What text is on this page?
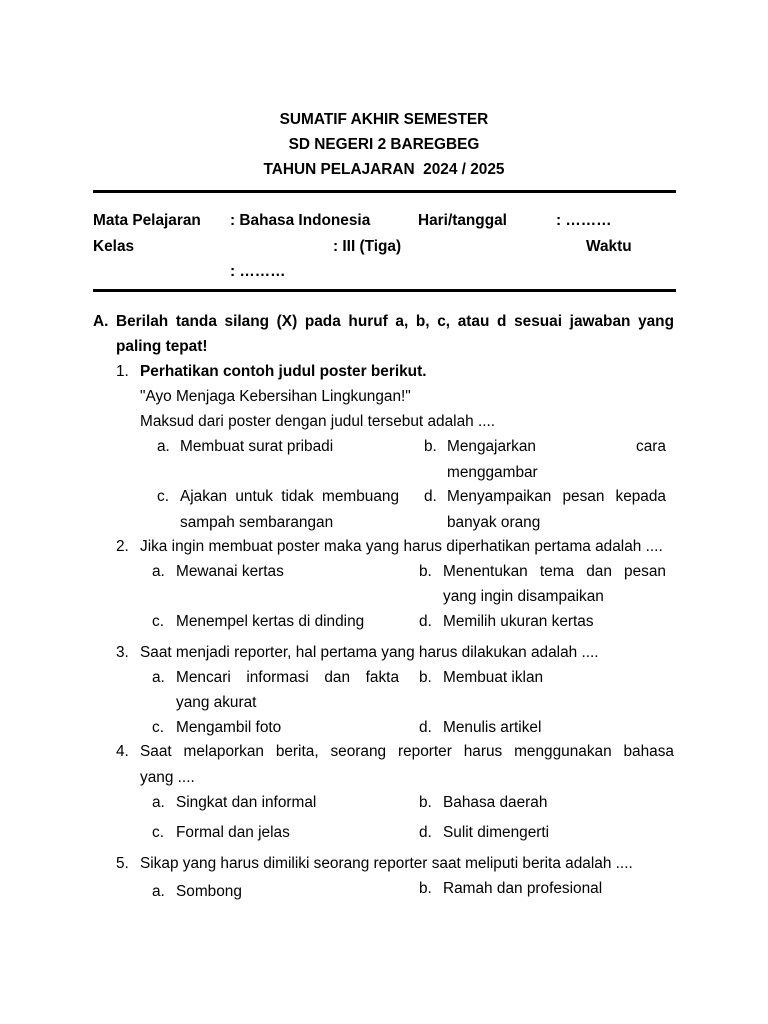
SUMATIF AKHIR SEMESTER
SD NEGERI 2 BAREGBEG
TAHUN PELAJARAN  2024 / 2025
Mata Pelajaran : Bahasa Indonesia	Hari/tanggal	: ………
Kelas	: III (Tiga)	Waktu
: ………
A. Berilah tanda silang (X) pada huruf a, b, c, atau d sesuai jawaban yang
paling tepat!
1. Perhatikan contoh judul poster berikut.
"Ayo Menjaga Kebersihan Lingkungan!"
Maksud dari poster dengan judul tersebut adalah ....
a. Membuat surat pribadi	b. Mengajarkan cara
menggambar
c. Ajakan untuk tidak membuang
sampah sembarangan
d. Menyampaikan pesan kepada
banyak orang
2. Jika ingin membuat poster maka yang harus diperhatikan pertama adalah ....
a. Mewanai kertas	b. Menentukan tema dan pesan
yang ingin disampaikan
c. Menempel kertas di dinding	d. Memilih ukuran kertas
3. Saat menjadi reporter, hal pertama yang harus dilakukan adalah ....
a. Mencari informasi dan fakta
yang akurat
b. Membuat iklan
c. Mengambil foto	d. Menulis artikel
4. Saat melaporkan berita, seorang reporter harus menggunakan bahasa
yang ....
a. Singkat dan informal	b. Bahasa daerah
c. Formal dan jelas	d. Sulit dimengerti
5. Sikap yang harus dimiliki seorang reporter saat meliputi berita adalah ....
a. Sombong	b. Ramah dan profesional
